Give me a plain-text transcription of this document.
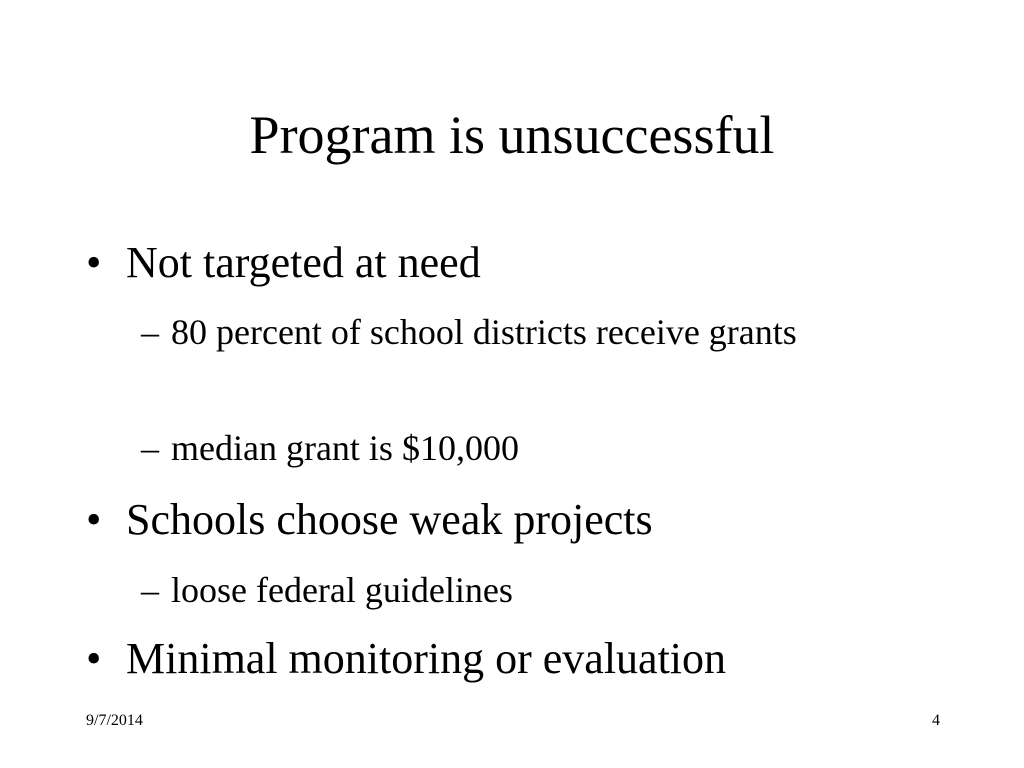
Program is unsuccessful
• Not targeted at need
– 80 percent of school districts receive grants
– median grant is $10,000
• Schools choose weak projects
– loose federal guidelines
• Minimal monitoring or evaluation
9/7/2014	4
